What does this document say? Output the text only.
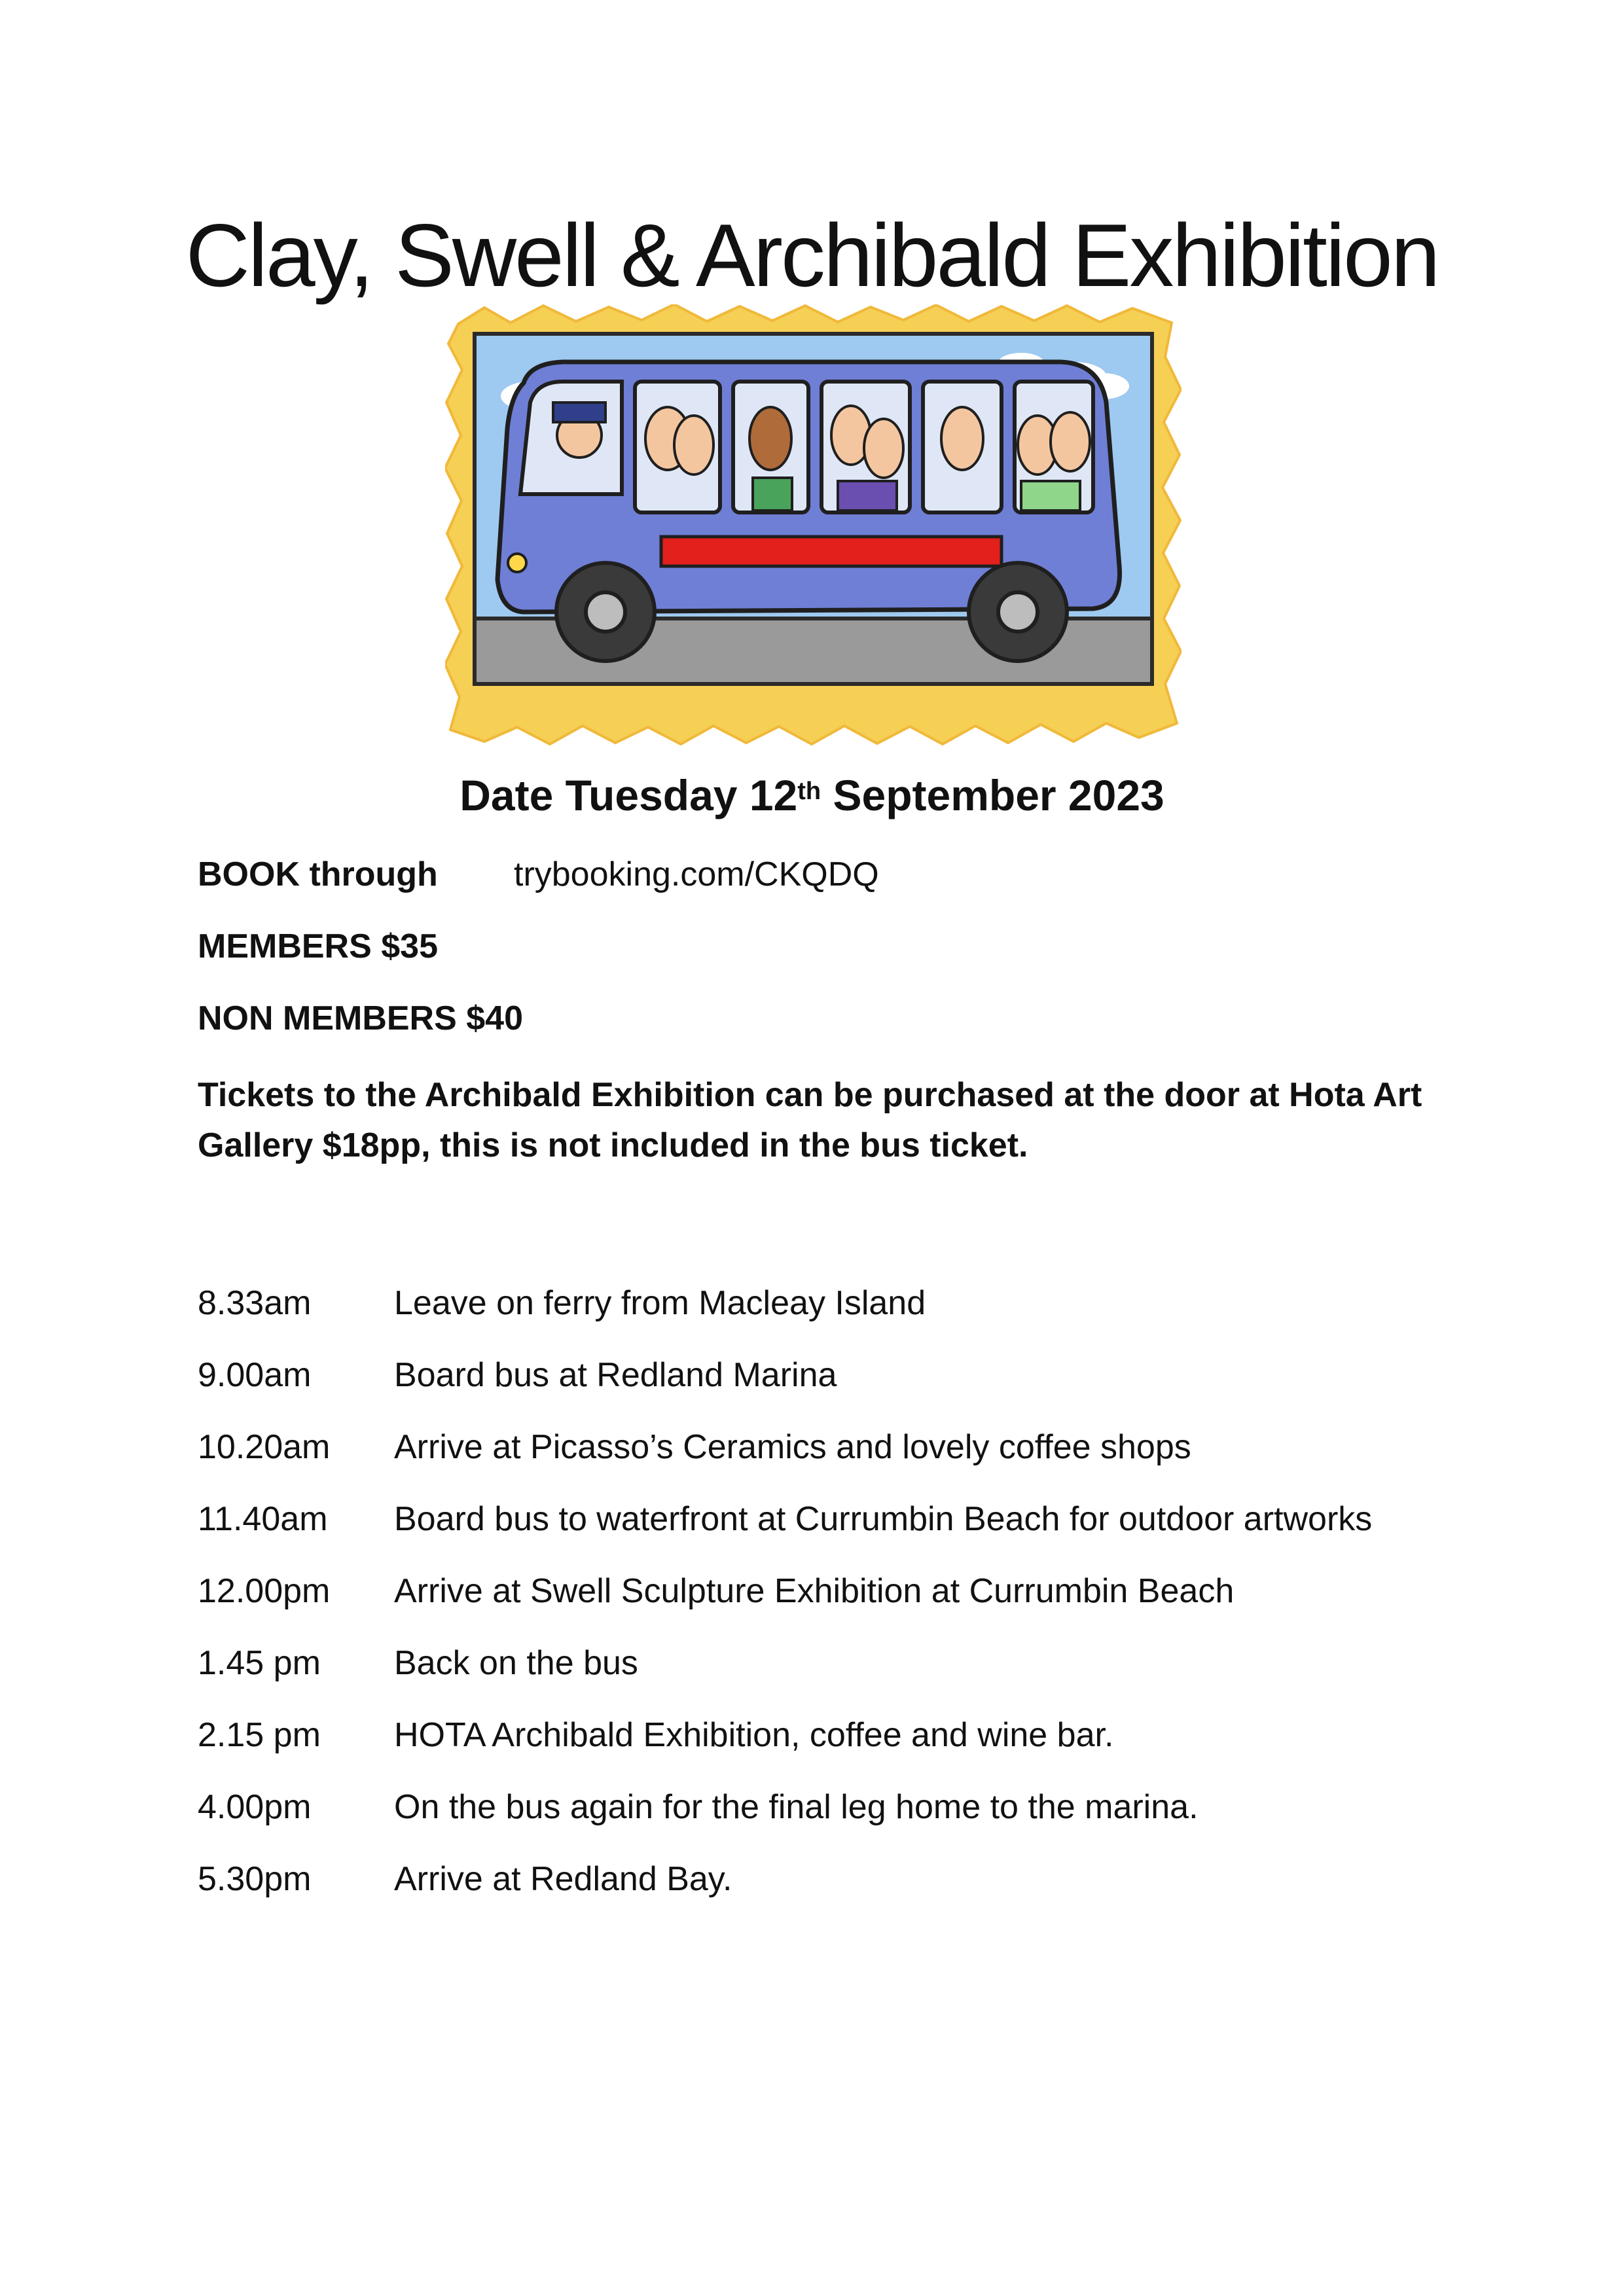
Clay, Swell & Archibald Exhibition

Date Tuesday 12th September 2023

BOOK through trybooking.com/CKQDQ

MEMBERS $35

NON MEMBERS $40

Tickets to the Archibald Exhibition can be purchased at the door at Hota Art Gallery $18pp, this is not included in the bus ticket.

8.33am Leave on ferry from Macleay Island
9.00am Board bus at Redland Marina
10.20am Arrive at Picasso’s Ceramics and lovely coffee shops
11.40am Board bus to waterfront at Currumbin Beach for outdoor artworks
12.00pm Arrive at Swell Sculpture Exhibition at Currumbin Beach
1.45 pm Back on the bus
2.15 pm HOTA Archibald Exhibition, coffee and wine bar.
4.00pm On the bus again for the final leg home to the marina.
5.30pm Arrive at Redland Bay.
